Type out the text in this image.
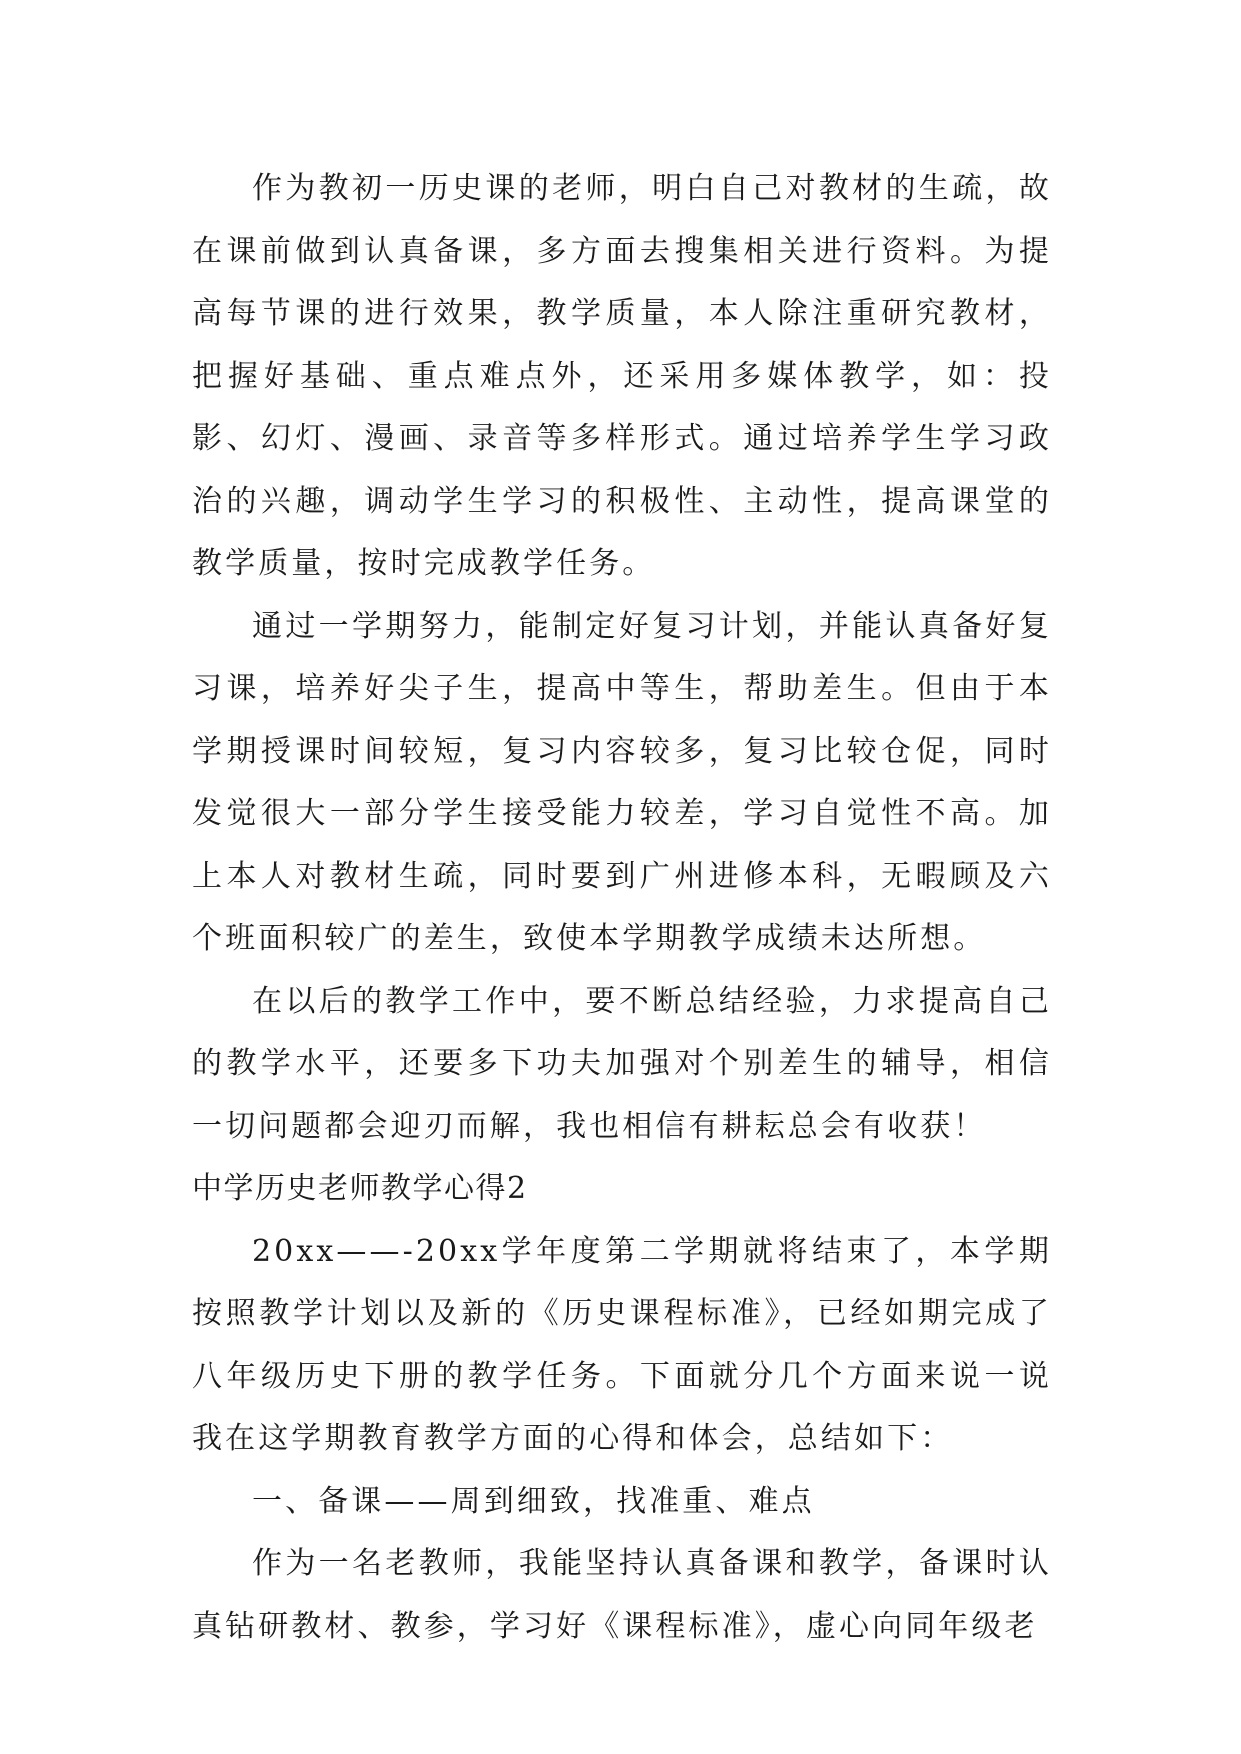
作为教初一历史课的老师，明白自己对教材的生疏，故在课前做到认真备课，多方面去搜集相关进行资料。为提高每节课的进行效果，教学质量，本人除注重研究教材，把握好基础、重点难点外，还采用多媒体教学，如：投影、幻灯、漫画、录音等多样形式。通过培养学生学习政治的兴趣，调动学生学习的积极性、主动性，提高课堂的教学质量，按时完成教学任务。

通过一学期努力，能制定好复习计划，并能认真备好复习课，培养好尖子生，提高中等生，帮助差生。但由于本学期授课时间较短，复习内容较多，复习比较仓促，同时发觉很大一部分学生接受能力较差，学习自觉性不高。加上本人对教材生疏，同时要到广州进修本科，无暇顾及六个班面积较广的差生，致使本学期教学成绩未达所想。

在以后的教学工作中，要不断总结经验，力求提高自己的教学水平，还要多下功夫加强对个别差生的辅导，相信一切问题都会迎刃而解，我也相信有耕耘总会有收获！

中学历史老师教学心得2

20xx——-20xx学年度第二学期就将结束了，本学期按照教学计划以及新的《历史课程标准》，已经如期完成了八年级历史下册的教学任务。下面就分几个方面来说一说我在这学期教育教学方面的心得和体会，总结如下：

一、备课——周到细致，找准重、难点

作为一名老教师，我能坚持认真备课和教学，备课时认真钻研教材、教参，学习好《课程标准》，虚心向同年级老
